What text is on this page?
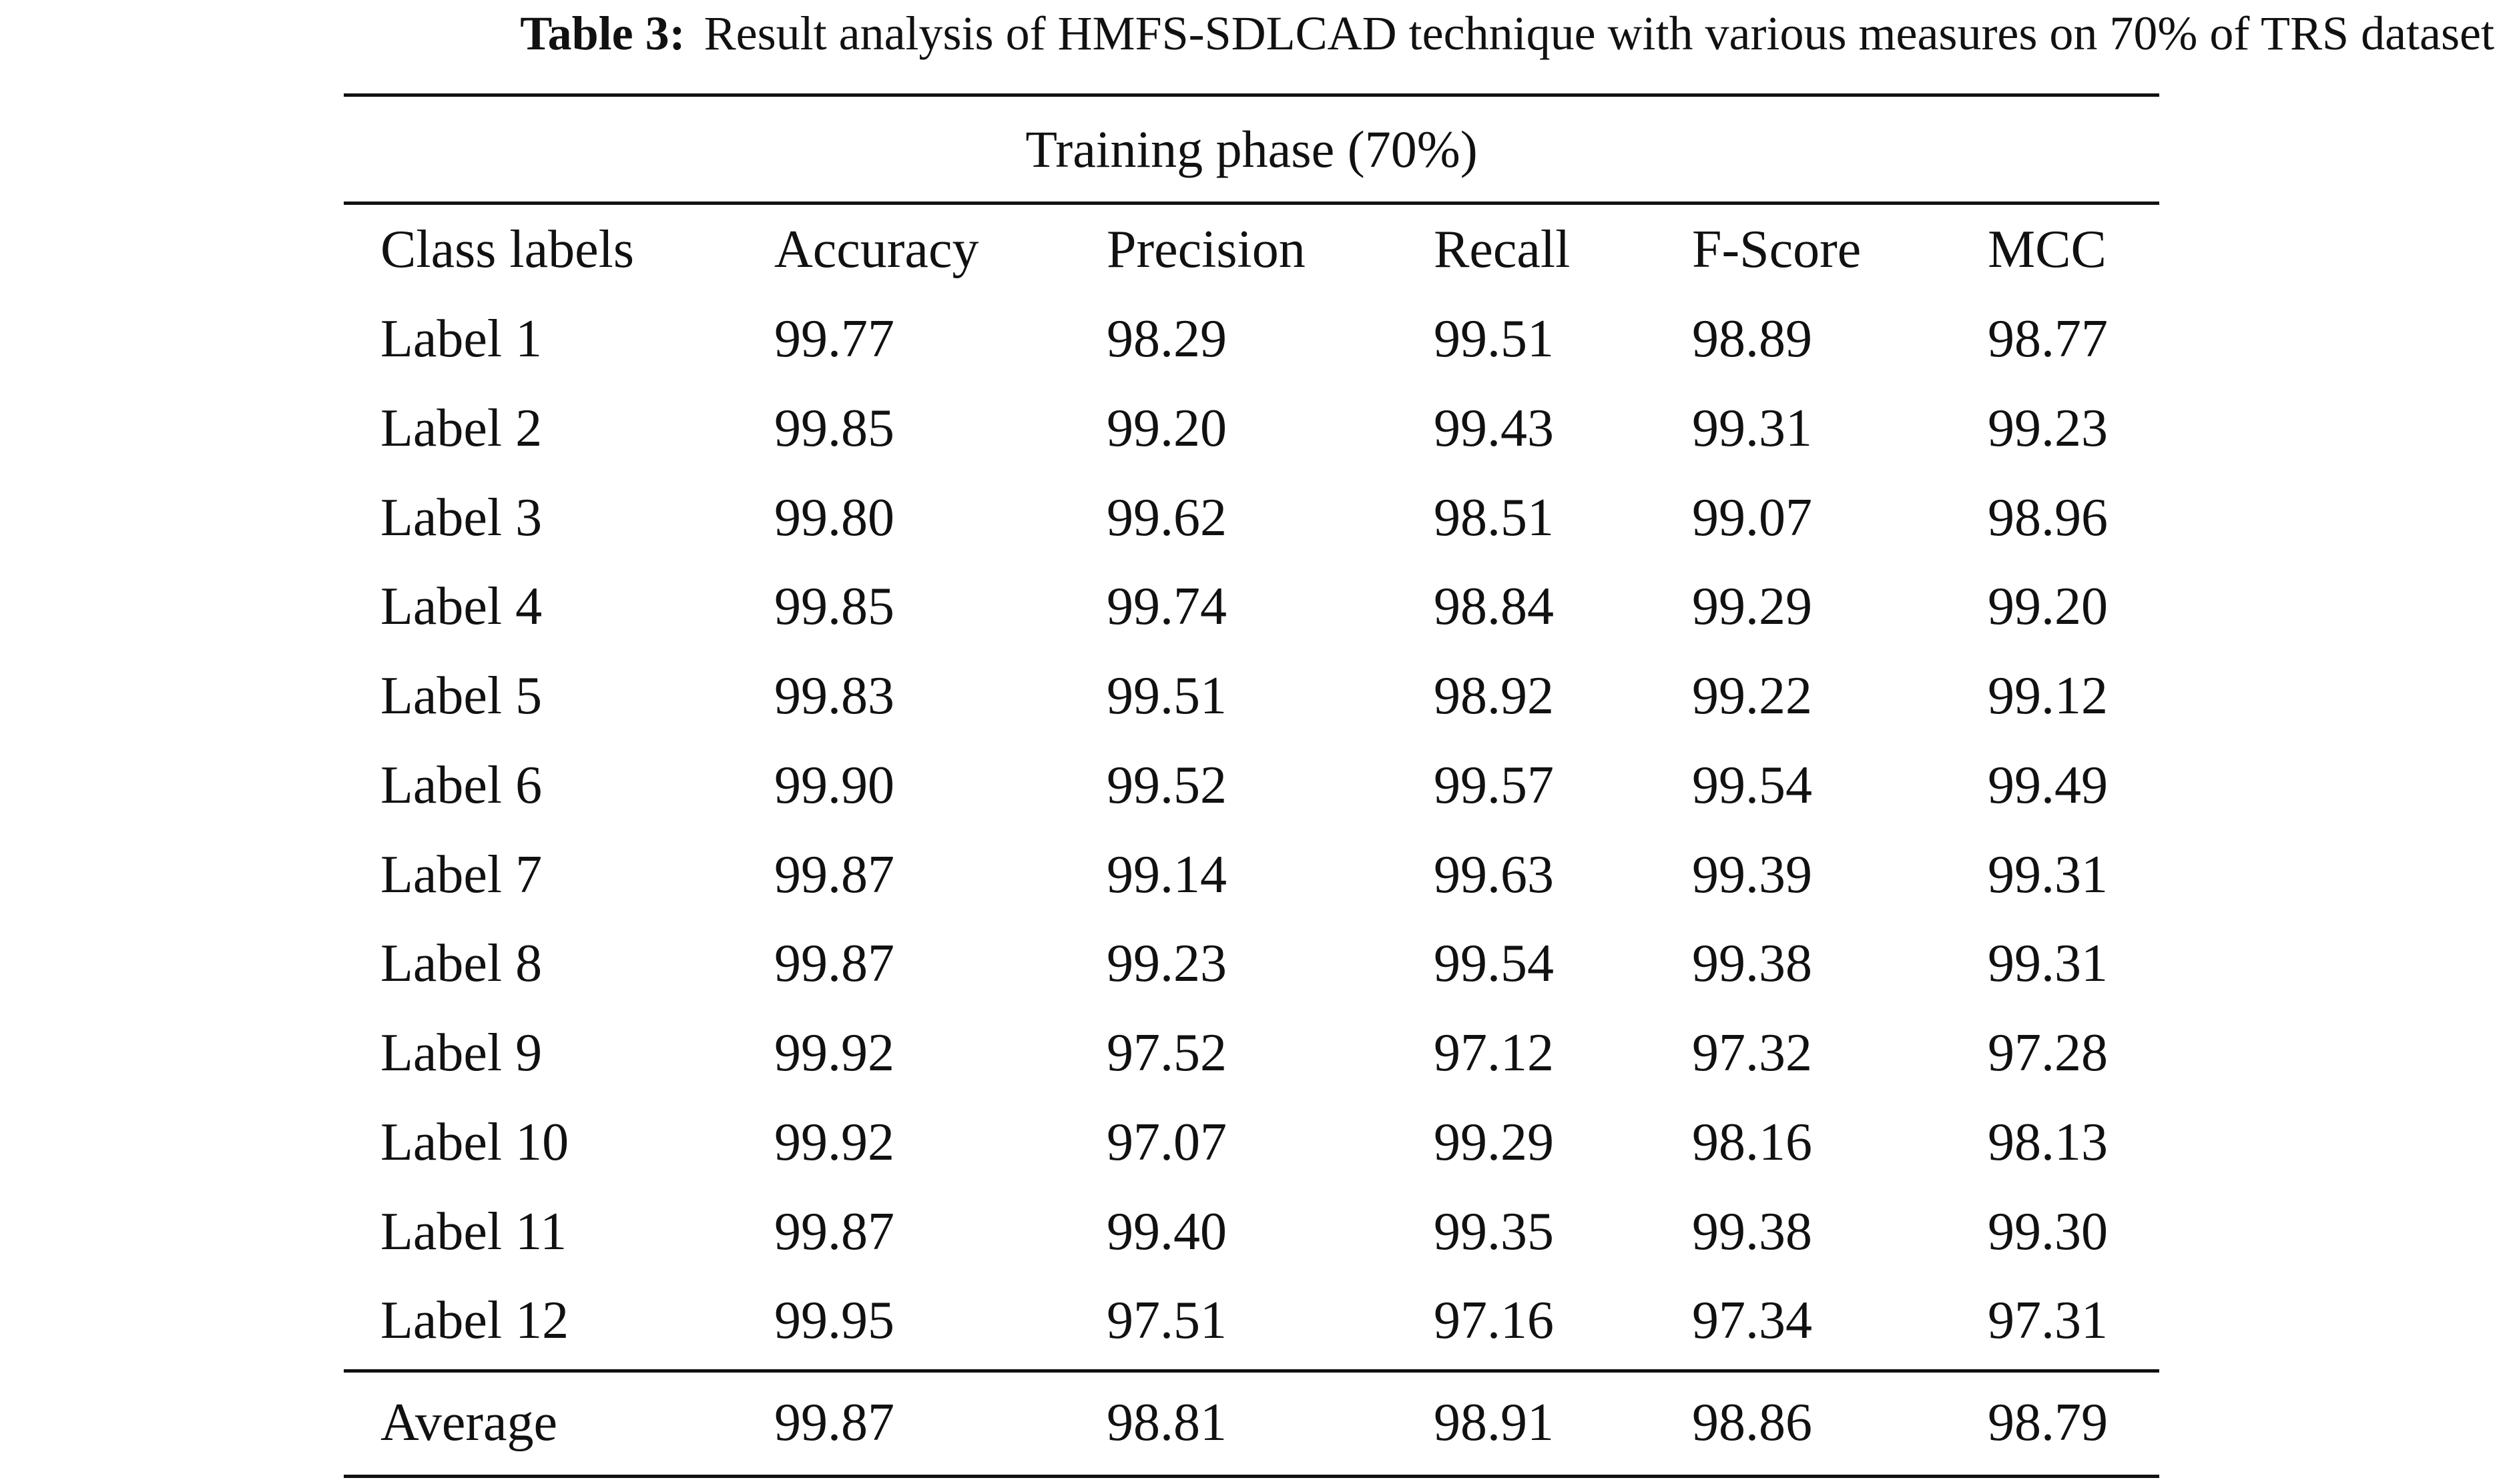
Table 3: Result analysis of HMFS-SDLCAD technique with various measures on 70% of TRS dataset
Training phase (70%)
Class labels	Accuracy Precision Recall F-Score MCC
Label 1	99.77	98.29	99.51	98.89	98.77
Label 2	99.85	99.20	99.43	99.31	99.23
Label 3	99.80	99.62	98.51	99.07	98.96
Label 4	99.85	99.74	98.84	99.29	99.20
Label 5	99.83	99.51	98.92	99.22	99.12
Label 6	99.90	99.52	99.57	99.54	99.49
Label 7	99.87	99.14	99.63	99.39	99.31
Label 8	99.87	99.23	99.54	99.38	99.31
Label 9	99.92	97.52	97.12	97.32	97.28
Label 10	99.92	97.07	99.29	98.16	98.13
Label 11	99.87	99.40	99.35	99.38	99.30
Label 12	99.95	97.51	97.16	97.34	97.31
Average	99.87	98.81	98.91	98.86	98.79
